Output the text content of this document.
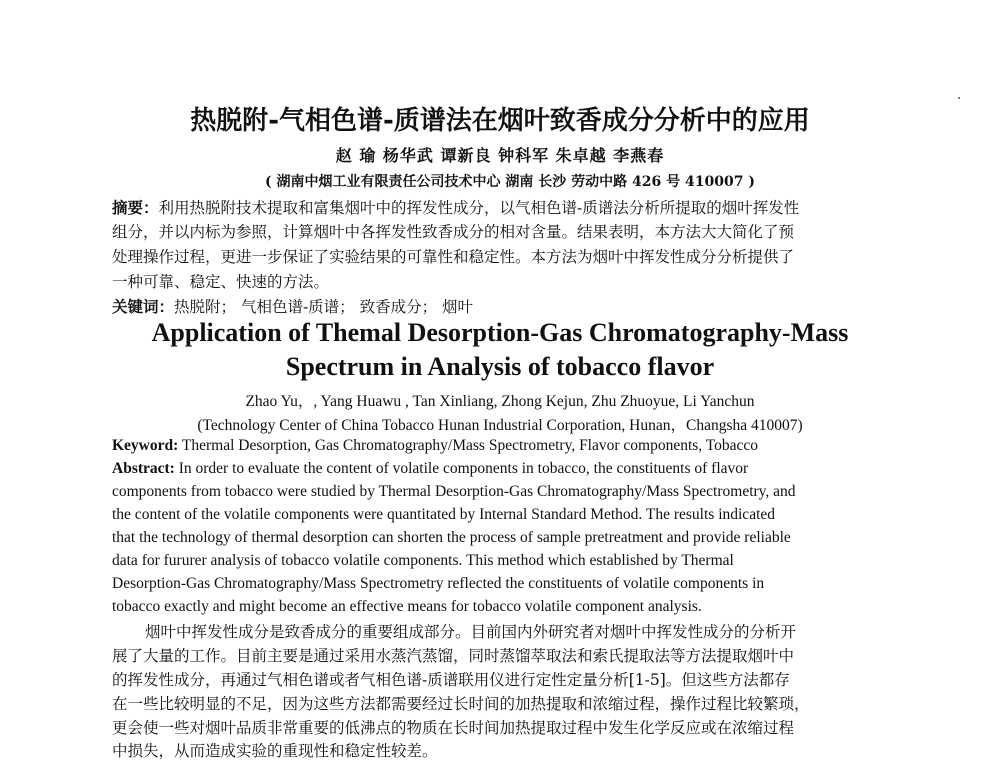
热脱附-气相色谱-质谱法在烟叶致香成分分析中的应用
赵 瑜 杨华武 谭新良 钟科军 朱卓越 李燕春
( 湖南中烟工业有限责任公司技术中心 湖南 长沙 劳动中路 426 号 410007 )
摘要：利用热脱附技术提取和富集烟叶中的挥发性成分，以气相色谱-质谱法分析所提取的烟叶挥发性
组分，并以内标为参照，计算烟叶中各挥发性致香成分的相对含量。结果表明，本方法大大简化了预
处理操作过程，更进一步保证了实验结果的可靠性和稳定性。本方法为烟叶中挥发性成分分析提供了
一种可靠、稳定、快速的方法。
关键词：热脱附； 气相色谱-质谱； 致香成分； 烟叶
Application of Themal Desorption-Gas Chromatography-Mass
Spectrum in Analysis of tobacco flavor
Zhao Yu，, Yang Huawu , Tan Xinliang, Zhong Kejun, Zhu Zhuoyue, Li Yanchun
(Technology Center of China Tobacco Hunan Industrial Corporation, Hunan，Changsha 410007)
Keyword: Thermal Desorption, Gas Chromatography/Mass Spectrometry, Flavor components, Tobacco
Abstract: In order to evaluate the content of volatile components in tobacco, the constituents of flavor
components from tobacco were studied by Thermal Desorption-Gas Chromatography/Mass Spectrometry, and
the content of the volatile components were quantitated by Internal Standard Method. The results indicated
that the technology of thermal desorption can shorten the process of sample pretreatment and provide reliable
data for fururer analysis of tobacco volatile components. This method which established by Thermal
Desorption-Gas Chromatography/Mass Spectrometry reflected the constituents of volatile components in
tobacco exactly and might become an effective means for tobacco volatile component analysis.
烟叶中挥发性成分是致香成分的重要组成部分。目前国内外研究者对烟叶中挥发性成分的分析开
展了大量的工作。目前主要是通过采用水蒸汽蒸馏，同时蒸馏萃取法和索氏提取法等方法提取烟叶中
的挥发性成分，再通过气相色谱或者气相色谱-质谱联用仪进行定性定量分析[1-5]。但这些方法都存
在一些比较明显的不足，因为这些方法都需要经过长时间的加热提取和浓缩过程，操作过程比较繁琐，
更会使一些对烟叶品质非常重要的低沸点的物质在长时间加热提取过程中发生化学反应或在浓缩过程
中损失，从而造成实验的重现性和稳定性较差。
